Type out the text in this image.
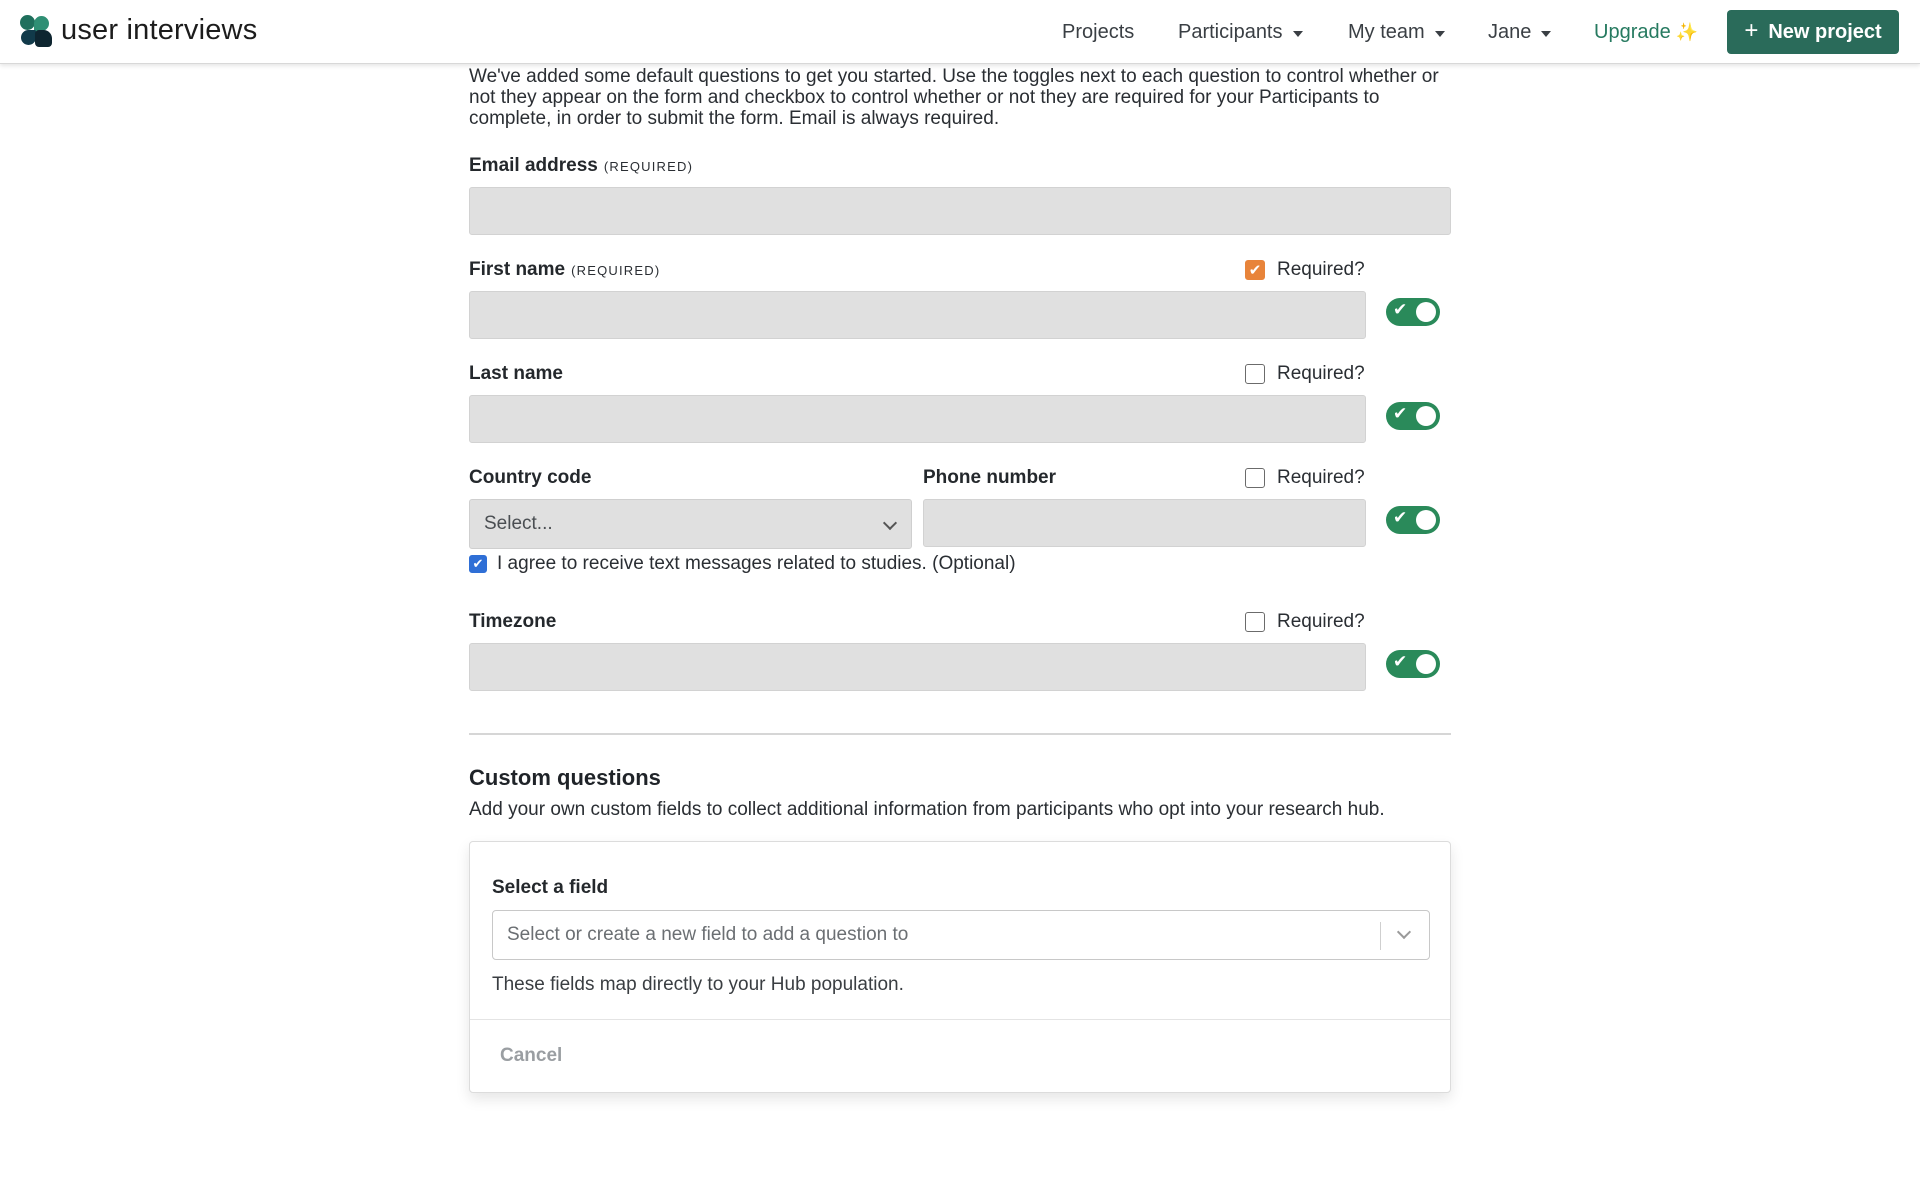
user interviews	Projects Participants	My team	Jane	Upgrade ✨ + New project
We've added some default questions to get you started. Use the toggles next to each question to control whether or not they appear on the form and checkbox to control whether or not they are required for your Participants to complete, in order to submit the form. Email is always required.
Email address (REQUIRED)
First name (REQUIRED)	✔ Required?
✔
Last name	Required?
✔
Country code	Phone number	Required?
Select...	✔
✔ I agree to receive text messages related to studies. (Optional)
Timezone	Required?
✔
Custom questions
Add your own custom fields to collect additional information from participants who opt into your research hub.
Select a field
Select or create a new field to add a question to
These fields map directly to your Hub population.
Cancel
